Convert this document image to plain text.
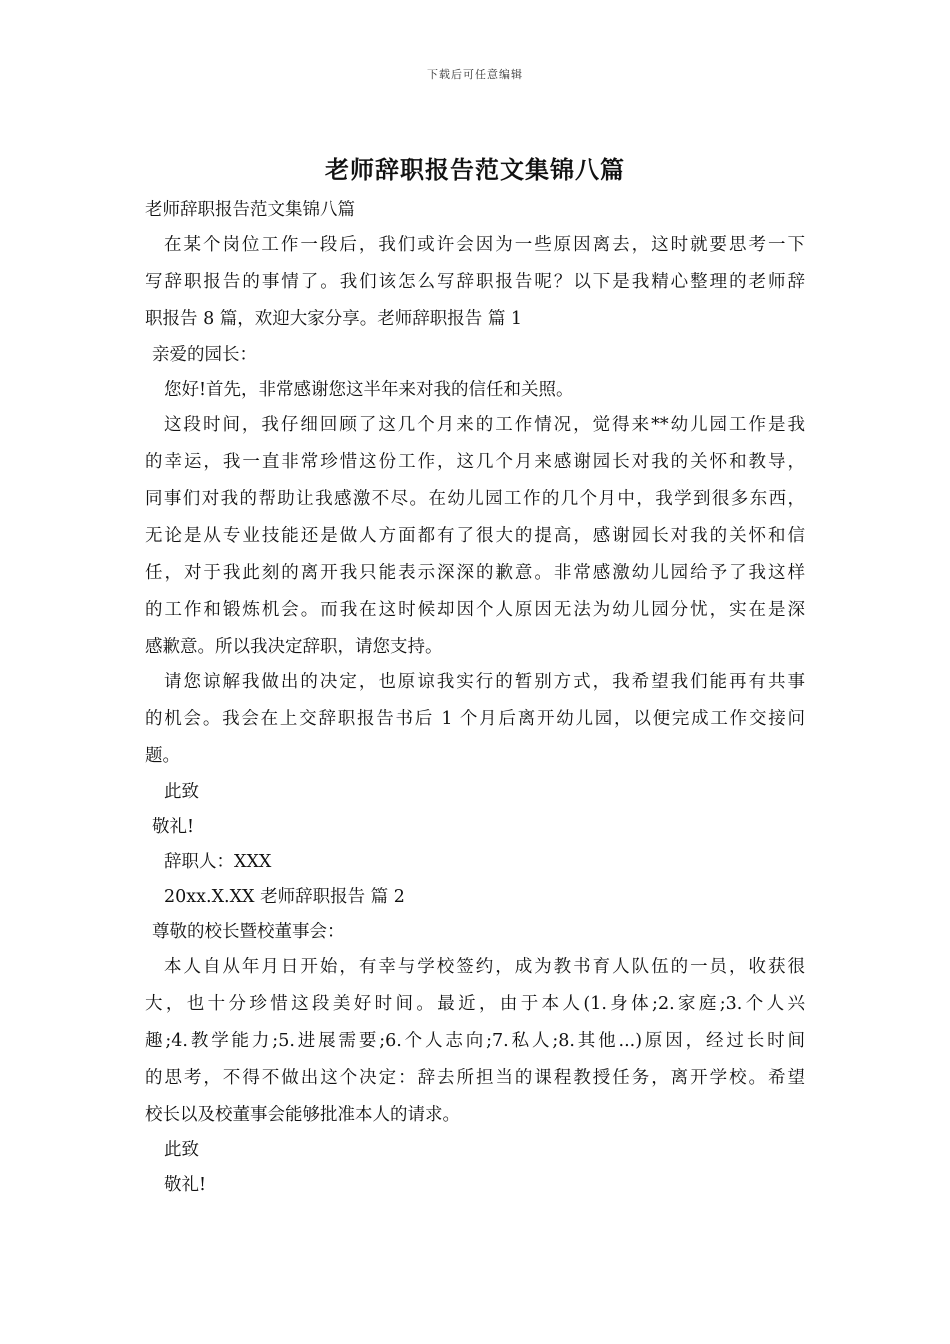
下载后可任意编辑
老师辞职报告范文集锦八篇

老师辞职报告范文集锦八篇

在某个岗位工作一段后，我们或许会因为一些原因离去，这时就要思考一下

写辞职报告的事情了。我们该怎么写辞职报告呢？以下是我精心整理的老师辞

职报告 8 篇，欢迎大家分享。老师辞职报告 篇 1

亲爱的园长：

您好!首先，非常感谢您这半年来对我的信任和关照。

这段时间，我仔细回顾了这几个月来的工作情况，觉得来**幼儿园工作是我

的幸运，我一直非常珍惜这份工作，这几个月来感谢园长对我的关怀和教导，

同事们对我的帮助让我感激不尽。在幼儿园工作的几个月中，我学到很多东西，

无论是从专业技能还是做人方面都有了很大的提高，感谢园长对我的关怀和信

任，对于我此刻的离开我只能表示深深的歉意。非常感激幼儿园给予了我这样

的工作和锻炼机会。而我在这时候却因个人原因无法为幼儿园分忧，实在是深

感歉意。所以我决定辞职，请您支持。

请您谅解我做出的决定，也原谅我实行的暂别方式，我希望我们能再有共事

的机会。我会在上交辞职报告书后 1 个月后离开幼儿园，以便完成工作交接问

题。

此致

敬礼!

辞职人：XXX

20xx.X.XX 老师辞职报告 篇 2

尊敬的校长暨校董事会：

本人自从年月日开始，有幸与学校签约，成为教书育人队伍的一员，收获很

大，也十分珍惜这段美好时间。最近，由于本人(1.身体;2.家庭;3.个人兴

趣;4.教学能力;5.进展需要;6.个人志向;7.私人;8.其他...)原因，经过长时间

的思考，不得不做出这个决定：辞去所担当的课程教授任务，离开学校。希望

校长以及校董事会能够批准本人的请求。

此致

敬礼!
